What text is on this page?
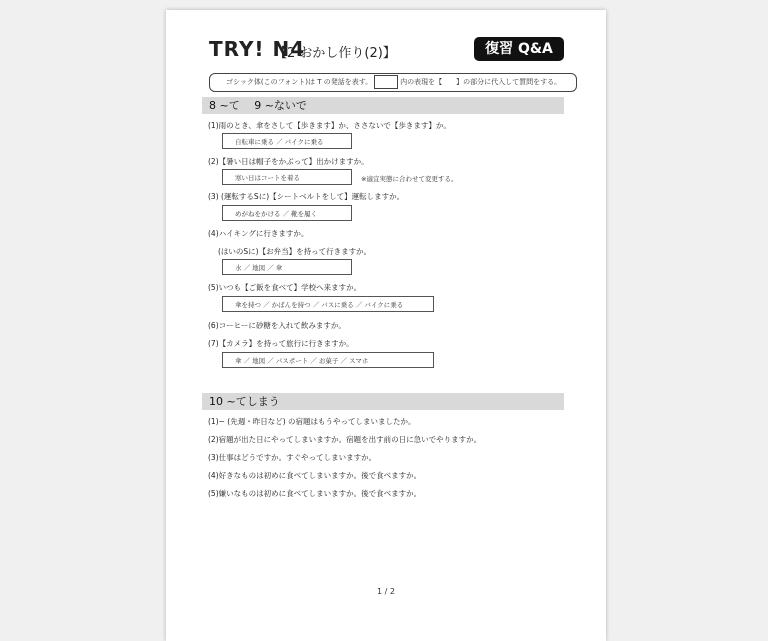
TRY! N4
【2 おかし作り(2)】	復習 Q&A
ゴシック体(このフォント)は T の発話を表す。	内の表現を【　　】の部分に代入して質問をする。
8 ~て　 9 ~ないで
(1)雨のとき、傘をさして【歩きます】か、ささないで【歩きます】か。
自転車に乗る ／ バイクに乗る
(2)【暑い日は帽子をかぶって】出かけますか。
寒い日はコートを着る	※適宜実態に合わせて変更する。
(3) (運転するSに)【シートベルトをして】運転しますか。
めがねをかける ／ 靴を履く
(4)ハイキングに行きますか。
(はいのSに)【お弁当】を持って行きますか。
水 ／ 地図 ／ 傘
(5)いつも【ご飯を食べて】学校へ来ますか。
傘を持つ ／ かばんを持つ ／ バスに乗る ／ バイクに乗る
(6)コーヒーに砂糖を入れて飲みますか。
(7)【カメラ】を持って旅行に行きますか。
傘 ／ 地図 ／ パスポート ／ お菓子 ／ スマホ
10 ~てしまう
(1)~ (先週・昨日など) の宿題はもうやってしまいましたか。
(2)宿題が出た日にやってしまいますか。宿題を出す前の日に急いでやりますか。
(3)仕事はどうですか。すぐやってしまいますか。
(4)好きなものは初めに食べてしまいますか。後で食べますか。
(5)嫌いなものは初めに食べてしまいますか。後で食べますか。
1 / 2
